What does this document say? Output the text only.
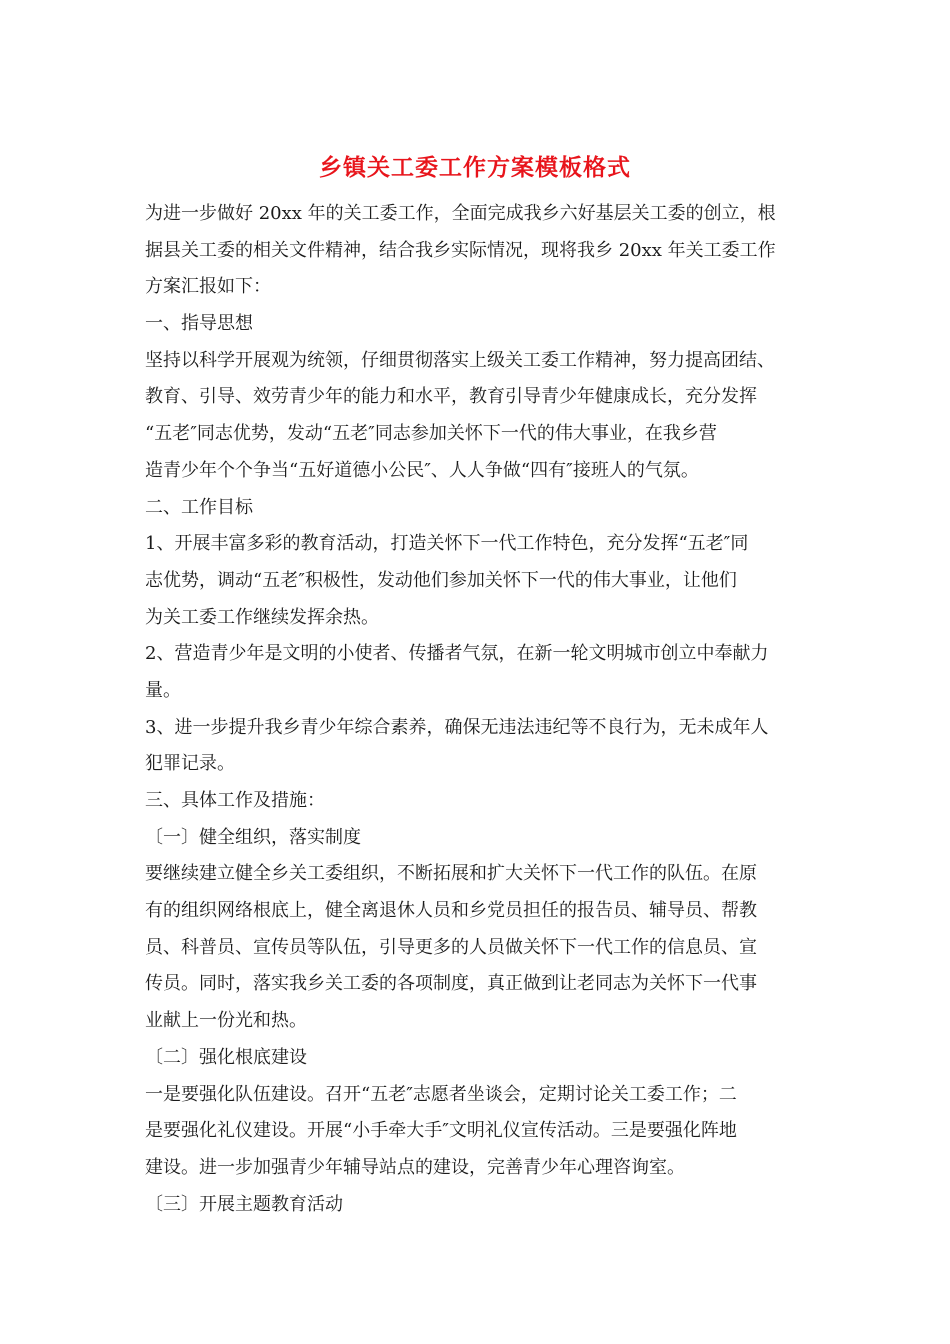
乡镇关工委工作方案模板格式
为进一步做好 20xx 年的关工委工作，全面完成我乡六好基层关工委的创立，根
据县关工委的相关文件精神，结合我乡实际情况，现将我乡 20xx 年关工委工作
方案汇报如下：
一、指导思想
坚持以科学开展观为统领，仔细贯彻落实上级关工委工作精神，努力提高团结、
教育、引导、效劳青少年的能力和水平，教育引导青少年健康成长，充分发挥
“五老″同志优势，发动“五老″同志参加关怀下一代的伟大事业，在我乡营
造青少年个个争当“五好道德小公民″、人人争做“四有″接班人的气氛。
二、工作目标
1、开展丰富多彩的教育活动，打造关怀下一代工作特色，充分发挥“五老″同
志优势，调动“五老″积极性，发动他们参加关怀下一代的伟大事业，让他们
为关工委工作继续发挥余热。
2、营造青少年是文明的小使者、传播者气氛，在新一轮文明城市创立中奉献力
量。
3、进一步提升我乡青少年综合素养，确保无违法违纪等不良行为，无未成年人
犯罪记录。
三、具体工作及措施：
〔一〕健全组织，落实制度
要继续建立健全乡关工委组织，不断拓展和扩大关怀下一代工作的队伍。在原
有的组织网络根底上，健全离退休人员和乡党员担任的报告员、辅导员、帮教
员、科普员、宣传员等队伍，引导更多的人员做关怀下一代工作的信息员、宣
传员。同时，落实我乡关工委的各项制度，真正做到让老同志为关怀下一代事
业献上一份光和热。
〔二〕强化根底建设
一是要强化队伍建设。召开“五老″志愿者坐谈会，定期讨论关工委工作；二
是要强化礼仪建设。开展“小手牵大手″文明礼仪宣传活动。三是要强化阵地
建设。进一步加强青少年辅导站点的建设，完善青少年心理咨询室。
〔三〕开展主题教育活动
